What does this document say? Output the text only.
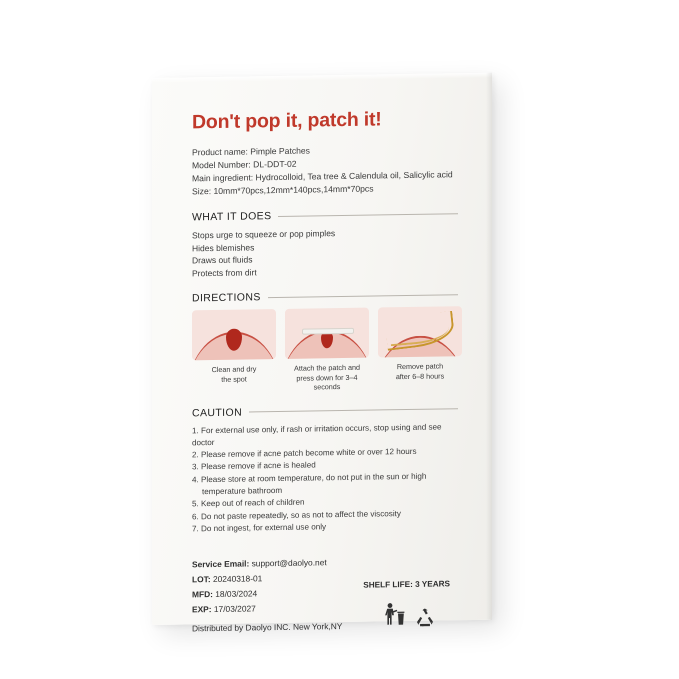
Don't pop it, patch it!
Product name: Pimple Patches
Model Number: DL-DDT-02
Main ingredient: Hydrocolloid, Tea tree & Calendula oil, Salicylic acid
Size: 10mm*70pcs,12mm*140pcs,14mm*70pcs
WHAT IT DOES
Stops urge to squeeze or pop pimples
Hides blemishes
Draws out fluids
Protects from dirt
DIRECTIONS
Clean and dry
the spot
Attach the patch and
press down for 3–4 seconds
Remove patch
after 6–8 hours
CAUTION
1. For external use only, if rash or irritation occurs, stop using and see doctor
2. Please remove if acne patch become white or over 12 hours
3. Please remove if acne is healed
4. Please store at room temperature, do not put in the sun or high
temperature bathroom
5. Keep out of reach of children
6. Do not paste repeatedly, so as not to affect the viscosity
7. Do not ingest, for external use only
Service Email: support@daolyo.net
LOT: 20240318-01
MFD: 18/03/2024
EXP: 17/03/2027
Distributed by Daolyo INC. New York,NY
SHELF LIFE: 3 YEARS
